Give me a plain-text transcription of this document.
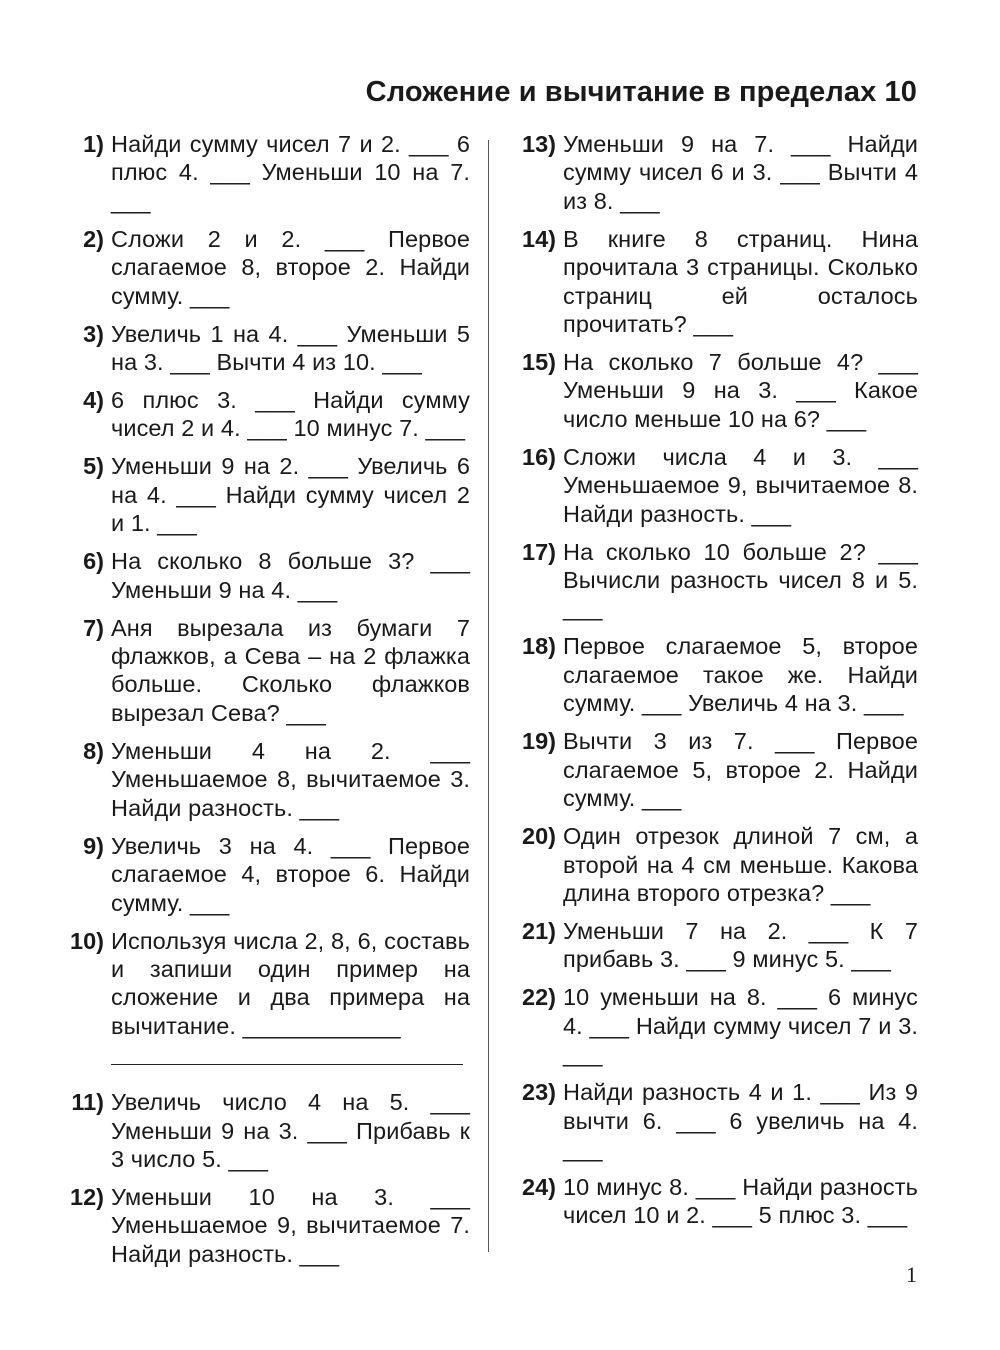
Сложение и вычитание в пределах 10
1) Найди сумму чисел 7 и 2. ___ 6 плюс 4. ___ Уменьши 10 на 7. ___
2) Сложи 2 и 2. ___ Первое слагаемое 8, второе 2. Найди сумму. ___
3) Увеличь 1 на 4. ___ Уменьши 5 на 3. ___ Вычти 4 из 10. ___
4) 6 плюс 3. ___ Найди сумму чисел 2 и 4. ___ 10 минус 7. ___
5) Уменьши 9 на 2. ___ Увеличь 6 на 4. ___ Найди сумму чисел 2 и 1. ___
6) На сколько 8 больше 3? ___ Уменьши 9 на 4. ___
7) Аня вырезала из бумаги 7 флажков, а Сева – на 2 флажка больше. Сколько флажков вырезал Сева? ___
8) Уменьши 4 на 2. ___ Уменьшаемое 8, вычитаемое 3. Найди разность. ___
9) Увеличь 3 на 4. ___ Первое слагаемое 4, второе 6. Найди сумму. ___
10) Используя числа 2, 8, 6, составь и запиши один пример на сложение и два примера на вычитание. ____________
11) Увеличь число 4 на 5. ___ Уменьши 9 на 3. ___ Прибавь к 3 число 5. ___
12) Уменьши 10 на 3. ___ Уменьшаемое 9, вычитаемое 7. Найди разность. ___
13) Уменьши 9 на 7. ___ Найди сумму чисел 6 и 3. ___ Вычти 4 из 8. ___
14) В книге 8 страниц. Нина прочитала 3 страницы. Сколько страниц ей осталось прочитать? ___
15) На сколько 7 больше 4? ___ Уменьши 9 на 3. ___ Какое число меньше 10 на 6? ___
16) Сложи числа 4 и 3. ___ Уменьшаемое 9, вычитаемое 8. Найди разность. ___
17) На сколько 10 больше 2? ___ Вычисли разность чисел 8 и 5. ___
18) Первое слагаемое 5, второе слагаемое такое же. Найди сумму. ___ Увеличь 4 на 3. ___
19) Вычти 3 из 7. ___ Первое слагаемое 5, второе 2. Найди сумму. ___
20) Один отрезок длиной 7 см, а второй на 4 см меньше. Какова длина второго отрезка? ___
21) Уменьши 7 на 2. ___ К 7 прибавь 3. ___ 9 минус 5. ___
22) 10 уменьши на 8. ___ 6 минус 4. ___ Найди сумму чисел 7 и 3. ___
23) Найди разность 4 и 1. ___ Из 9 вычти 6. ___ 6 увеличь на 4. ___
24) 10 минус 8. ___ Найди разность чисел 10 и 2. ___ 5 плюс 3. ___
1
